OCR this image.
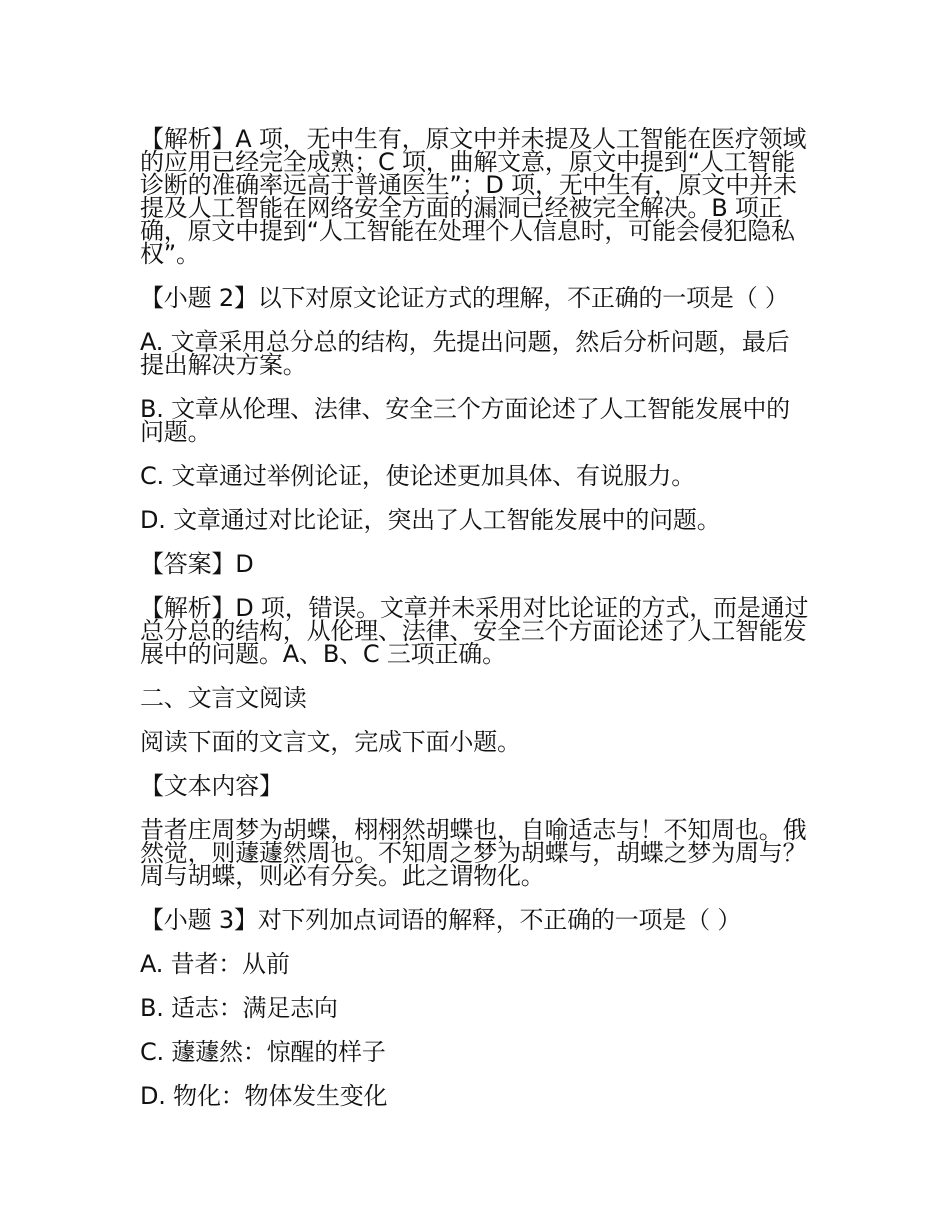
【解析】A 项，无中生有，原文中并未提及人工智能在医疗领域的应用已经完全成熟；C 项，曲解文意，原文中提到“人工智能诊断的准确率远高于普通医生”；D 项，无中生有，原文中并未提及人工智能在网络安全方面的漏洞已经被完全解决。B 项正确，原文中提到“人工智能在处理个人信息时，可能会侵犯隐私权”。

【小题 2】以下对原文论证方式的理解，不正确的一项是（ ）

A. 文章采用总分总的结构，先提出问题，然后分析问题，最后提出解决方案。

B. 文章从伦理、法律、安全三个方面论述了人工智能发展中的问题。

C. 文章通过举例论证，使论述更加具体、有说服力。

D. 文章通过对比论证，突出了人工智能发展中的问题。

【答案】D

【解析】D 项，错误。文章并未采用对比论证的方式，而是通过总分总的结构，从伦理、法律、安全三个方面论述了人工智能发展中的问题。A、B、C 三项正确。

二、文言文阅读

阅读下面的文言文，完成下面小题。

【文本内容】

昔者庄周梦为胡蝶，栩栩然胡蝶也，自喻适志与！不知周也。俄然觉，则蘧蘧然周也。不知周之梦为胡蝶与，胡蝶之梦为周与？周与胡蝶，则必有分矣。此之谓物化。

【小题 3】对下列加点词语的解释，不正确的一项是（ ）

A. 昔者：从前

B. 适志：满足志向

C. 蘧蘧然：惊醒的样子

D. 物化：物体发生变化
